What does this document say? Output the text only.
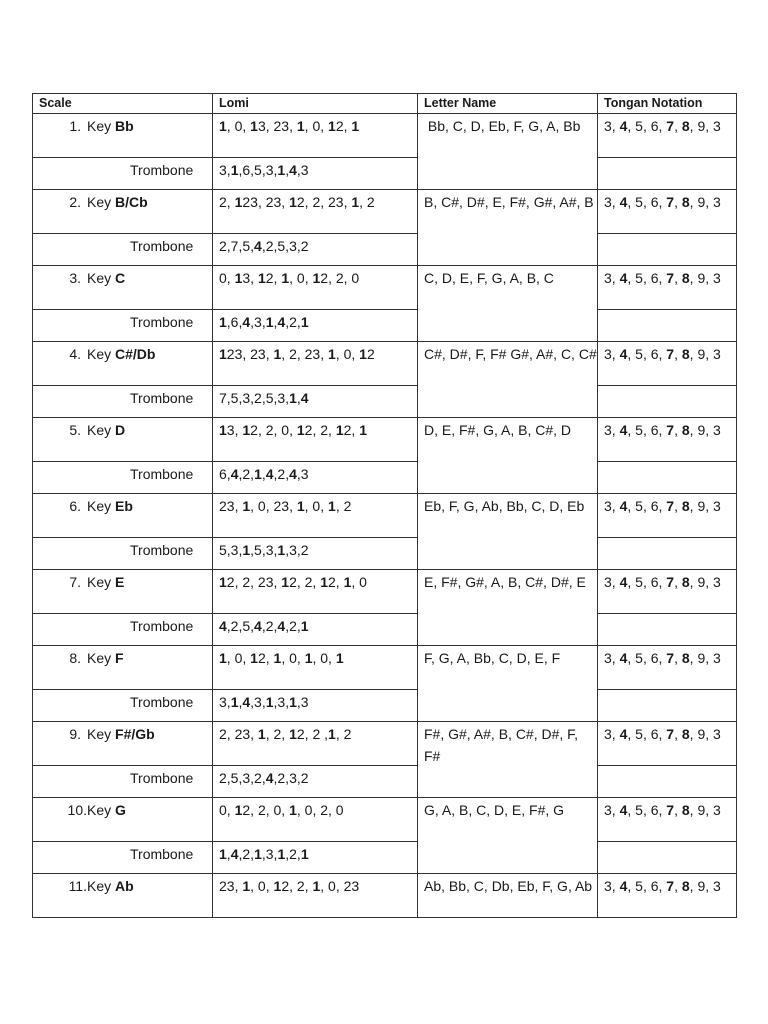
Scale	Lomi	Letter Name	Tongan Notation
1. Key Bb	1, 0, 13, 23, 1, 0, 12, 1	Bb, C, D, Eb, F, G, A, Bb	3, 4, 5, 6, 7, 8, 9, 3

Trombone	3,1,6,5,3,1,4,3		
2. Key B/Cb	2, 123, 23, 12, 2, 23, 1, 2	B, C#, D#, E, F#, G#, A#, B	3, 4, 5, 6, 7, 8, 9, 3

Trombone	2,7,5,4,2,5,3,2		
3. Key C	0, 13, 12, 1, 0, 12, 2, 0	C, D, E, F, G, A, B, C	3, 4, 5, 6, 7, 8, 9, 3

Trombone	1,6,4,3,1,4,2,1		
4. Key C#/Db	123, 23, 1, 2, 23, 1, 0, 12	C#, D#, F, F# G#, A#, C, C#	3, 4, 5, 6, 7, 8, 9, 3

Trombone	7,5,3,2,5,3,1,4		
5. Key D	13, 12, 2, 0, 12, 2, 12, 1	D, E, F#, G, A, B, C#, D	3, 4, 5, 6, 7, 8, 9, 3

Trombone	6,4,2,1,4,2,4,3		
6. Key Eb	23, 1, 0, 23, 1, 0, 1, 2	Eb, F, G, Ab, Bb, C, D, Eb	3, 4, 5, 6, 7, 8, 9, 3

Trombone	5,3,1,5,3,1,3,2		
7. Key E	12, 2, 23, 12, 2, 12, 1, 0	E, F#, G#, A, B, C#, D#, E	3, 4, 5, 6, 7, 8, 9, 3

Trombone	4,2,5,4,2,4,2,1		
8. Key F	1, 0, 12, 1, 0, 1, 0, 1	F, G, A, Bb, C, D, E, F	3, 4, 5, 6, 7, 8, 9, 3

Trombone	3,1,4,3,1,3,1,3		
9. Key F#/Gb	2, 23, 1, 2, 12, 2 ,1, 2	F#, G#, A#, B, C#, D#, F, F#	3, 4, 5, 6, 7, 8, 9, 3

Trombone	2,5,3,2,4,2,3,2		
10.Key G	0, 12, 2, 0, 1, 0, 2, 0	G, A, B, C, D, E, F#, G	3, 4, 5, 6, 7, 8, 9, 3

Trombone	1,4,2,1,3,1,2,1		
11.Key Ab	23, 1, 0, 12, 2, 1, 0, 23	Ab, Bb, C, Db, Eb, F, G, Ab	3, 4, 5, 6, 7, 8, 9, 3
